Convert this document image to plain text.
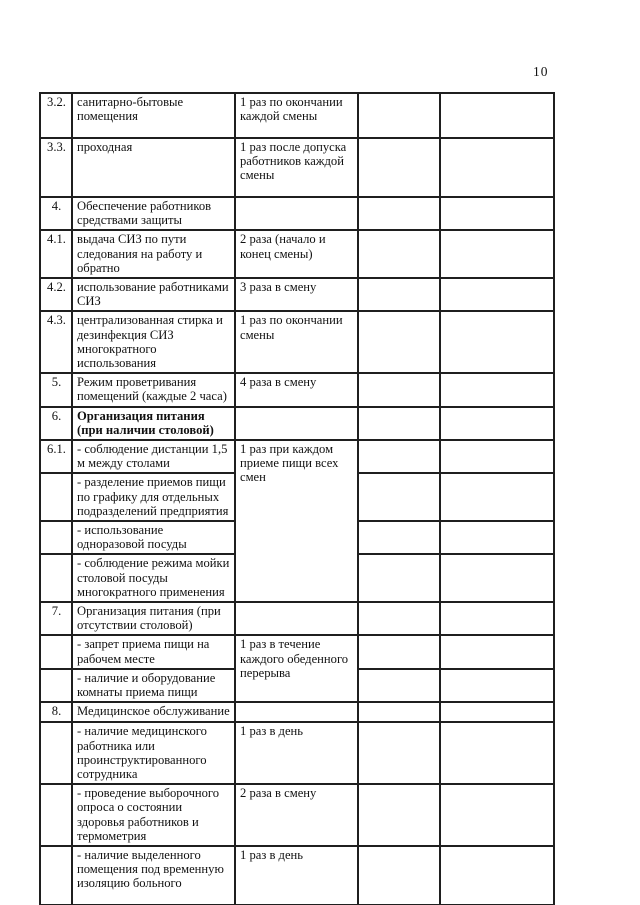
10
3.2.	санитарно-бытовые помещения	1 раз по окончании каждой смены		
3.3.	проходная	1 раз после допуска работников каждой смены		
4.	Обеспечение работников средствами защиты			
4.1.	выдача СИЗ по пути следования на работу и обратно	2 раза (начало и конец смены)		
4.2.	использование работниками СИЗ	3 раза в смену		
4.3.	централизованная стирка и дезинфекция СИЗ многократного использования	1 раз по окончании смены		
5.	Режим проветривания помещений (каждые 2 часа)	4 раза в смену		
6.	Организация питания (при наличии столовой)			
6.1.	- соблюдение дистанции 1,5 м между столами	1 раз при каждом приеме пищи всех смен		
	- разделение приемов пищи по графику для отдельных подразделений предприятия			
	- использование одноразовой посуды			
	- соблюдение режима мойки столовой посуды многократного применения			
7.	Организация питания (при отсутствии столовой)			
	- запрет приема пищи на рабочем месте	1 раз в течение каждого обеденного перерыва		
	- наличие и оборудование комнаты приема пищи			
8.	Медицинское обслуживание			
	- наличие медицинского работника или проинструктированного сотрудника	1 раз в день		
	- проведение выборочного опроса о состоянии здоровья работников и термометрия	2 раза в смену		
	- наличие выделенного помещения под временную изоляцию больного	1 раз в день		
